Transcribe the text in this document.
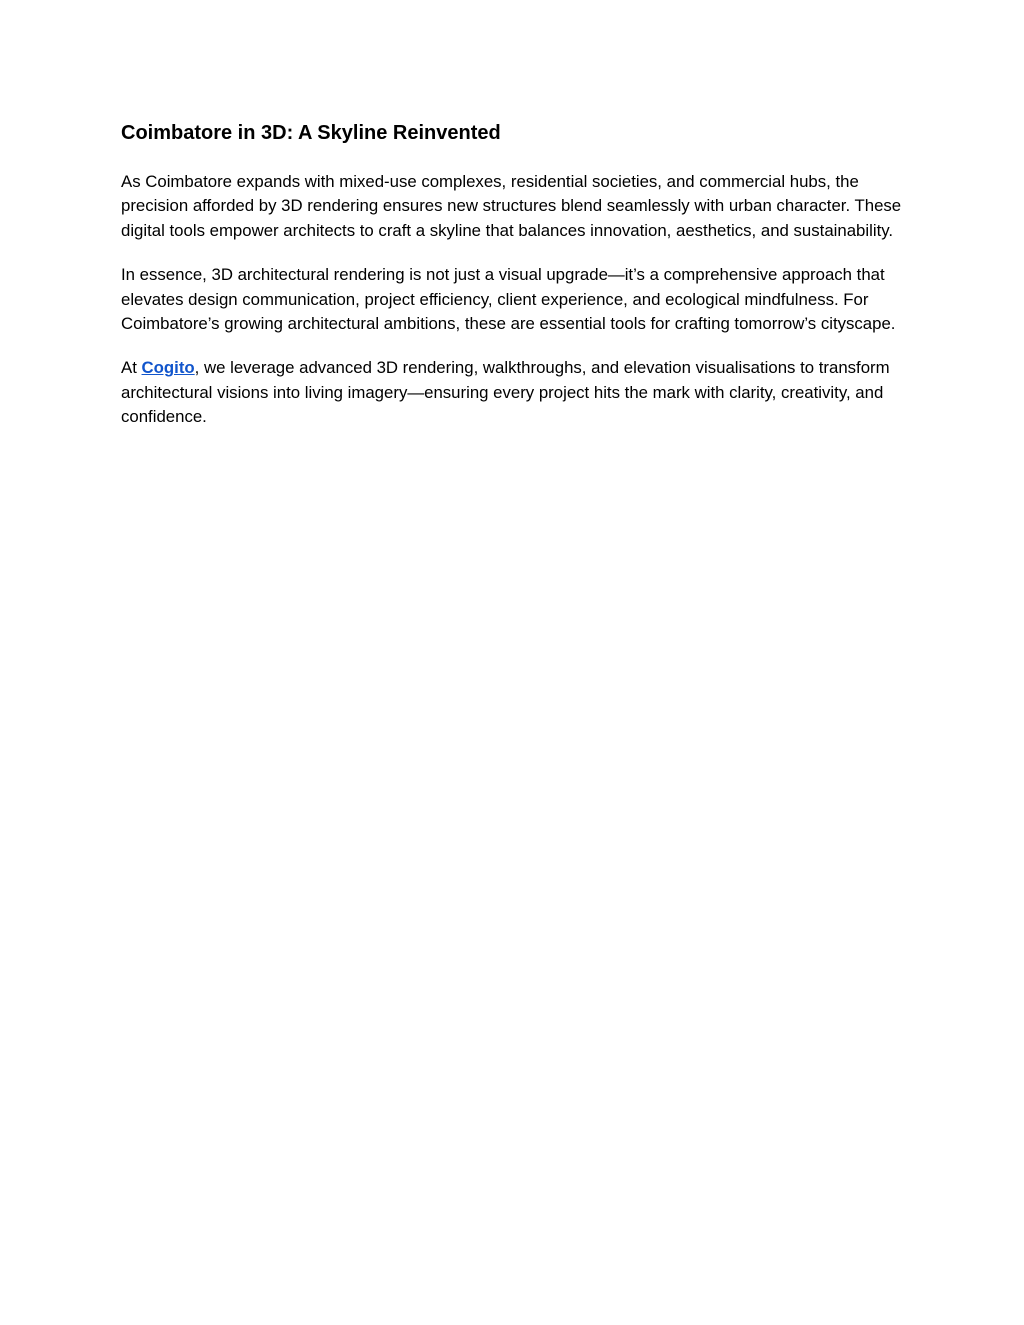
Coimbatore in 3D: A Skyline Reinvented

As Coimbatore expands with mixed-use complexes, residential societies, and commercial hubs, the precision afforded by 3D rendering ensures new structures blend seamlessly with urban character. These digital tools empower architects to craft a skyline that balances innovation, aesthetics, and sustainability.

In essence, 3D architectural rendering is not just a visual upgrade—it’s a comprehensive approach that elevates design communication, project efficiency, client experience, and ecological mindfulness. For Coimbatore’s growing architectural ambitions, these are essential tools for crafting tomorrow’s cityscape.

At Cogito, we leverage advanced 3D rendering, walkthroughs, and elevation visualisations to transform architectural visions into living imagery—ensuring every project hits the mark with clarity, creativity, and confidence.
